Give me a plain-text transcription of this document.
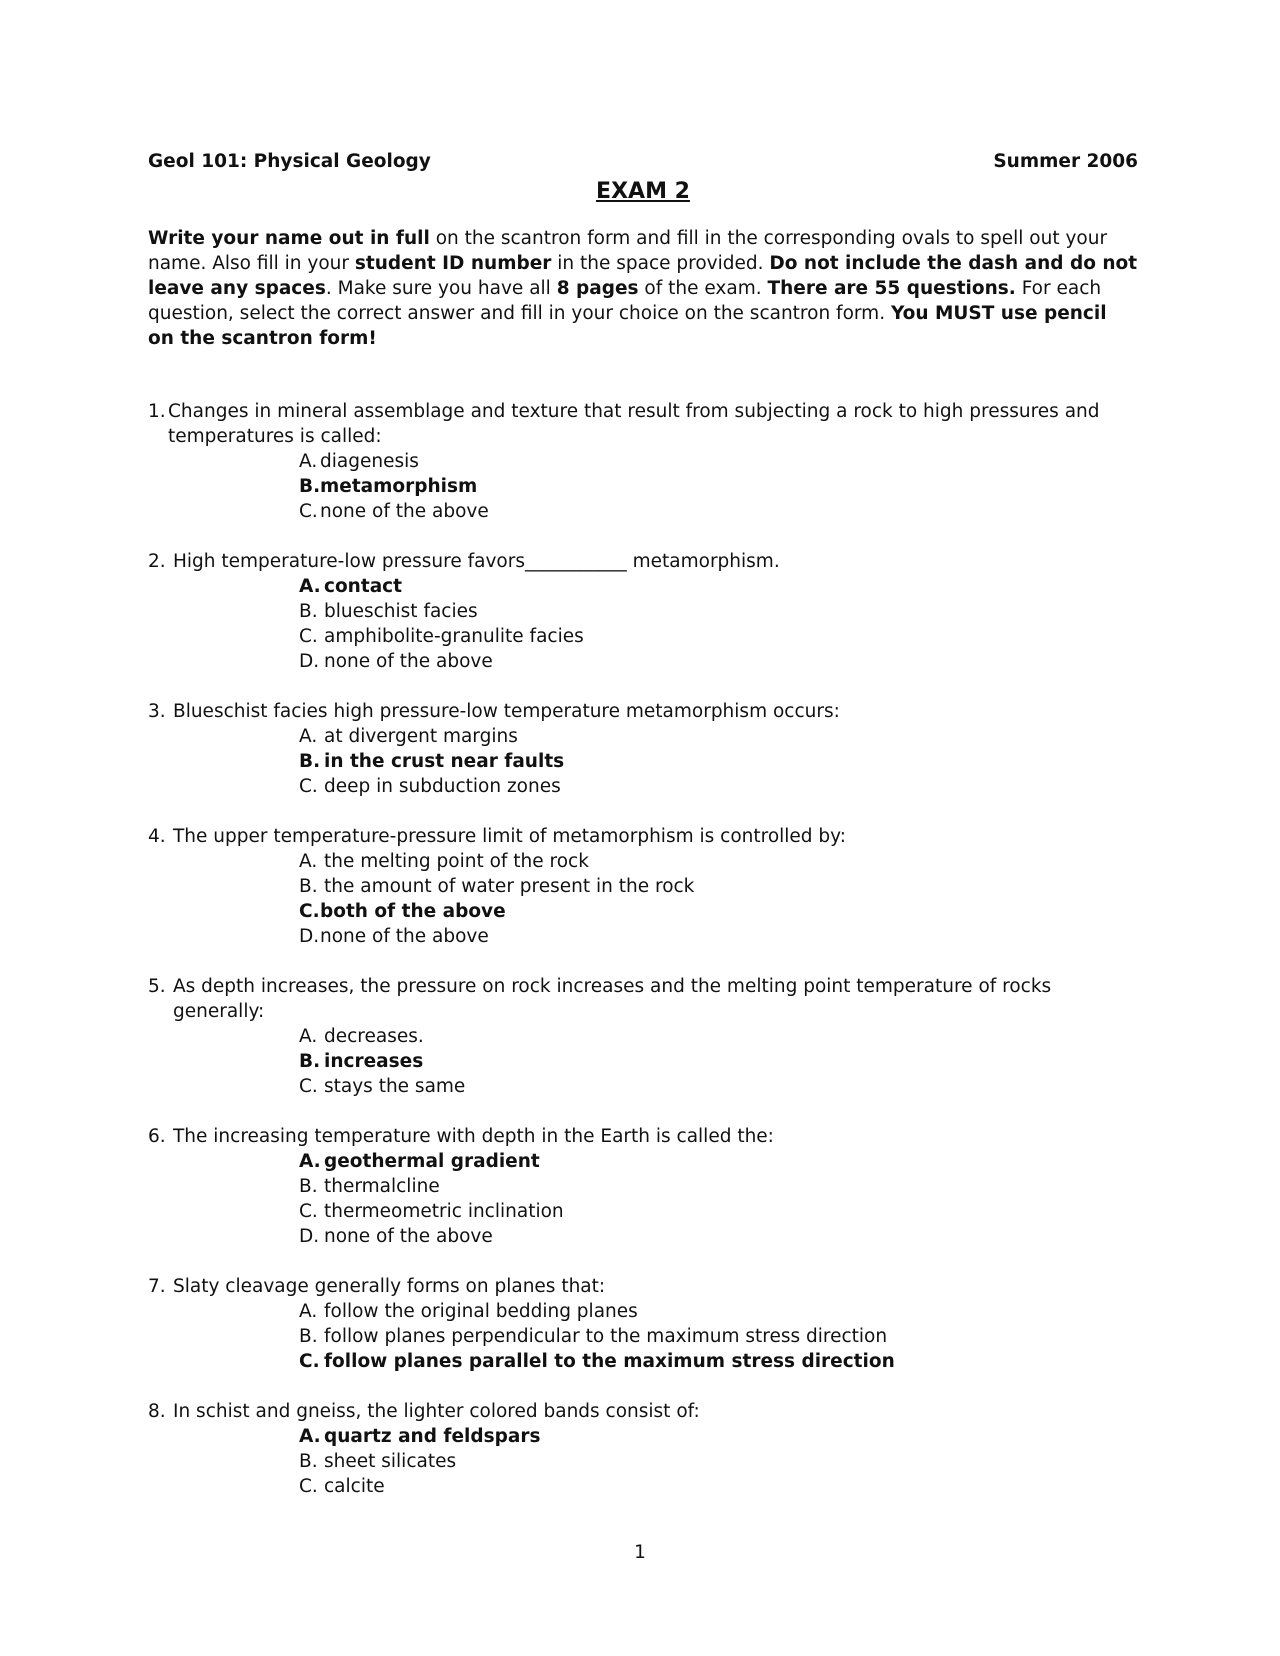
Geol 101: Physical Geology	Summer 2006
EXAM 2
Write your name out in full on the scantron form and fill in the corresponding ovals to spell out your name. Also fill in your student ID number in the space provided. Do not include the dash and do not leave any spaces. Make sure you have all 8 pages of the exam. There are 55 questions. For each question, select the correct answer and fill in your choice on the scantron form. You MUST use pencil on the scantron form!
1. Changes in mineral assemblage and texture that result from subjecting a rock to high pressures and temperatures is called:
A. diagenesis
B. metamorphism
C. none of the above
2. High temperature-low pressure favors___________ metamorphism.
A. contact
B. blueschist facies
C. amphibolite-granulite facies
D. none of the above
3. Blueschist facies high pressure-low temperature metamorphism occurs:
A. at divergent margins
B. in the crust near faults
C. deep in subduction zones
4. The upper temperature-pressure limit of metamorphism is controlled by:
A. the melting point of the rock
B. the amount of water present in the rock
C. both of the above
D. none of the above
5. As depth increases, the pressure on rock increases and the melting point temperature of rocks generally:
A. decreases.
B. increases
C. stays the same
6. The increasing temperature with depth in the Earth is called the:
A. geothermal gradient
B. thermalcline
C. thermeometric inclination
D. none of the above
7. Slaty cleavage generally forms on planes that:
A. follow the original bedding planes
B. follow planes perpendicular to the maximum stress direction
C. follow planes parallel to the maximum stress direction
8. In schist and gneiss, the lighter colored bands consist of:
A. quartz and feldspars
B. sheet silicates
C. calcite
1
